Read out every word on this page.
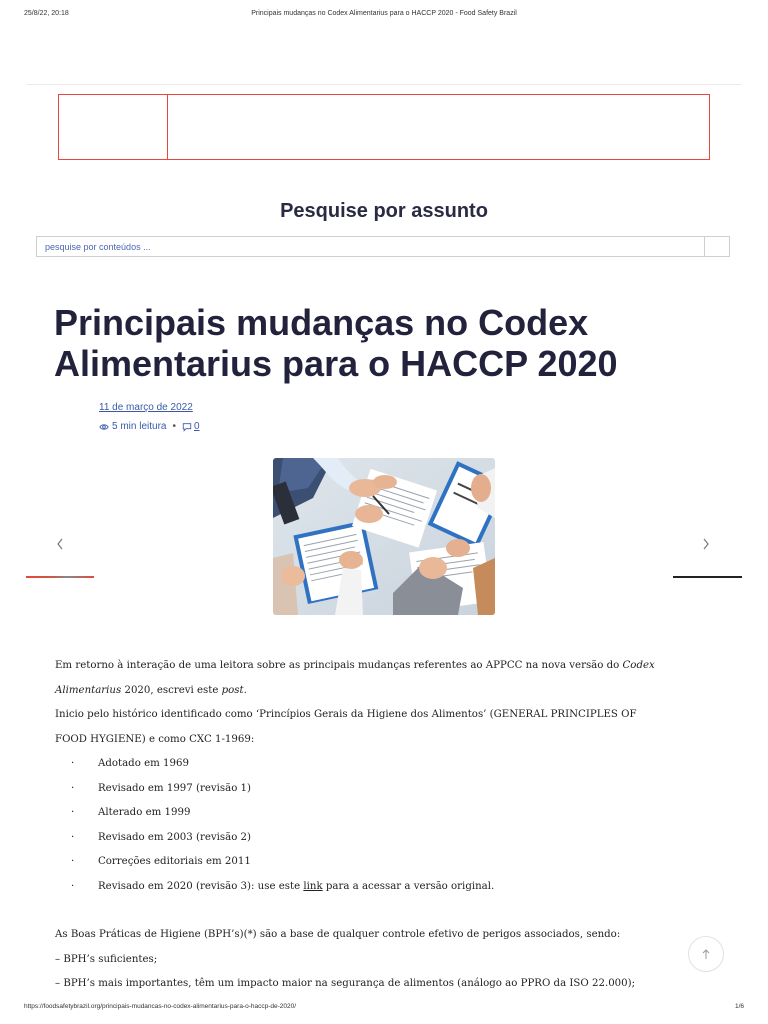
25/8/22, 20:18	Principais mudanças no Codex Alimentarius para o HACCP 2020 - Food Safety Brazil
Pesquise por assunto
pesquise por conteúdos ...
Principais mudanças no Codex Alimentarius para o HACCP 2020
11 de março de 2022
5 min leitura • 0

Em retorno à interação de uma leitora sobre as principais mudanças referentes ao APPCC na nova versão do Codex Alimentarius 2020, escrevi este post.

Inicio pelo histórico identificado como ‘Princípios Gerais da Higiene dos Alimentos’ (GENERAL PRINCIPLES OF

FOOD HYGIENE) e como CXC 1-1969:

· Adotado em 1969
· Revisado em 1997 (revisão 1)
· Alterado em 1999
· Revisado em 2003 (revisão 2)
· Correções editoriais em 2011
· Revisado em 2020 (revisão 3): use este link para a acessar a versão original.

As Boas Práticas de Higiene (BPH’s)(*) são a base de qualquer controle efetivo de perigos associados, sendo:

– BPH’s suficientes;

– BPH’s mais importantes, têm um impacto maior na segurança de alimentos (análogo ao PPRO da ISO 22.000);

https://foodsafetybrazil.org/principais-mudancas-no-codex-alimentarius-para-o-haccp-de-2020/	1/6
